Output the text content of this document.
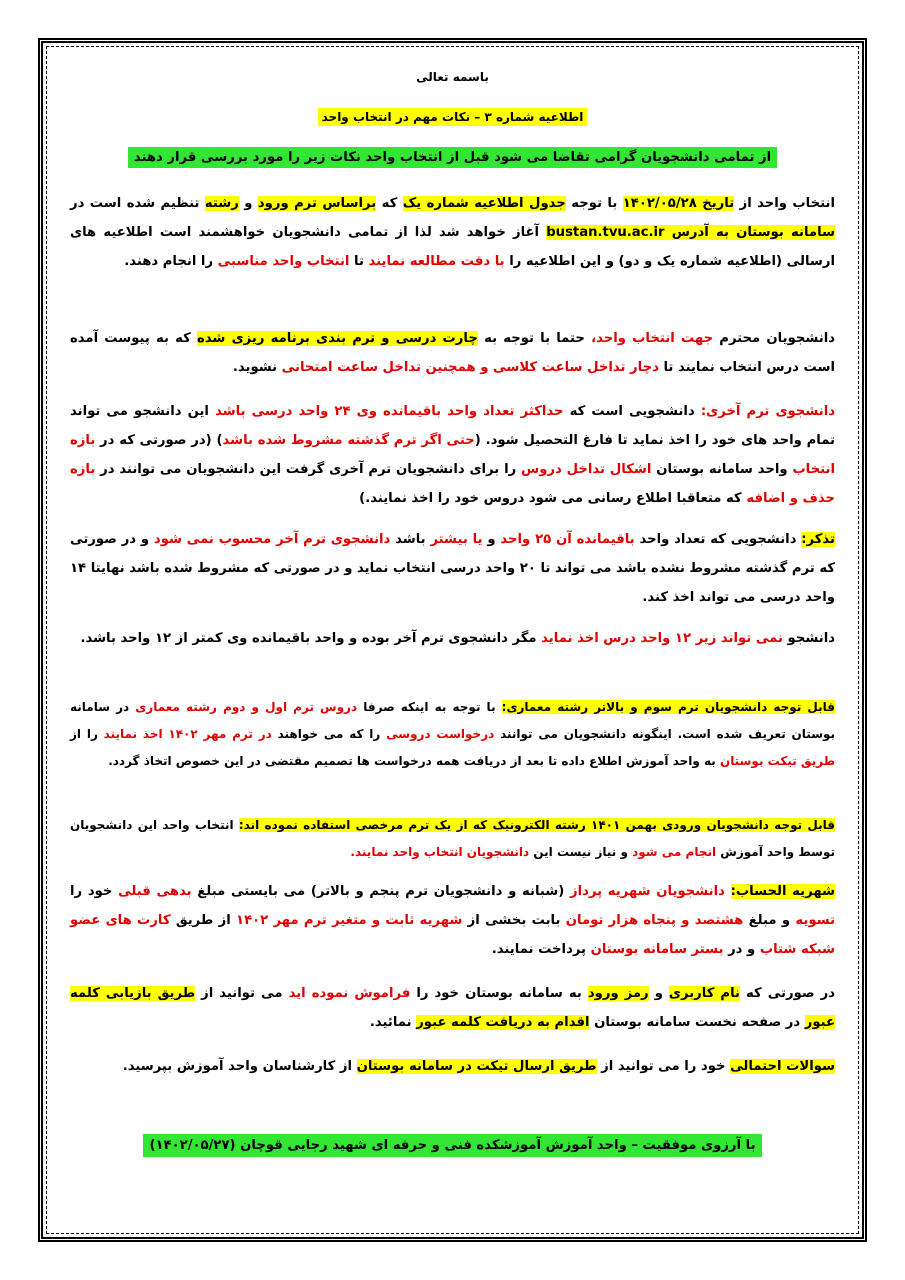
باسمه تعالی
اطلاعیه شماره ۳ – نکات مهم در انتخاب واحد
از تمامی دانشجویان گرامی تقاضا می شود قبل از انتخاب واحد نکات زیر را مورد بررسی قرار دهند

انتخاب واحد از تاریخ ۱۴۰۲/۰۵/۲۸ با توجه جدول اطلاعیه شماره یک که براساس ترم ورود و رشته تنظیم شده است در سامانه بوستان به آدرس bustan.tvu.ac.ir آغاز خواهد شد لذا از تمامی دانشجویان خواهشمند است اطلاعیه های ارسالی (اطلاعیه شماره یک و دو) و این اطلاعیه را با دقت مطالعه نمایند تا انتخاب واحد مناسبی را انجام دهند.

دانشجویان محترم جهت انتخاب واحد، حتما با توجه به چارت درسی و ترم بندی برنامه ریزی شده که به پیوست آمده است درس انتخاب نمایند تا دچار تداخل ساعت کلاسی و همچنین تداخل ساعت امتحانی نشوید.

دانشجوی ترم آخری: دانشجویی است که حداکثر تعداد واحد باقیمانده وی ۲۴ واحد درسی باشد این دانشجو می تواند تمام واحد های خود را اخذ نماید تا فارغ التحصیل شود. (حتی اگر ترم گذشته مشروط شده باشد) (در صورتی که در بازه انتخاب واحد سامانه بوستان اشکال تداخل دروس را برای دانشجویان ترم آخری گرفت این دانشجویان می توانند در بازه حذف و اضافه که متعاقبا اطلاع رسانی می شود دروس خود را اخذ نمایند.)

تذکر: دانشجویی که تعداد واحد باقیمانده آن ۲۵ واحد و یا بیشتر باشد دانشجوی ترم آخر محسوب نمی شود و در صورتی که ترم گذشته مشروط نشده باشد می تواند تا ۲۰ واحد درسی انتخاب نماید و در صورتی که مشروط شده باشد نهایتا ۱۴ واحد درسی می تواند اخذ کند.

دانشجو نمی تواند زیر ۱۲ واحد درس اخذ نماید مگر دانشجوی ترم آخر بوده و واحد باقیمانده وی کمتر از ۱۲ واحد باشد.

قابل توجه دانشجویان ترم سوم و بالاتر رشته معماری: با توجه به اینکه صرفا دروس ترم اول و دوم رشته معماری در سامانه بوستان تعریف شده است. اینگونه دانشجویان می توانند درخواست دروسی را که می خواهند در ترم مهر ۱۴۰۲ اخذ نمایند را از طریق تیکت بوستان به واحد آموزش اطلاع داده تا بعد از دریافت همه درخواست ها تصمیم مقتضی در این خصوص اتخاذ گردد.

قابل توجه دانشجویان ورودی بهمن ۱۴۰۱ رشته الکترونیک که از یک ترم مرخصی استفاده نموده اند: انتخاب واحد این دانشجویان توسط واحد آموزش انجام می شود و نیاز نیست این دانشجویان انتخاب واحد نمایند.

شهریه الحساب: دانشجویان شهریه پرداز (شبانه و دانشجویان ترم پنجم و بالاتر) می بایستی مبلغ بدهی قبلی خود را تسویه و مبلغ هشتصد و پنجاه هزار تومان بابت بخشی از شهریه ثابت و متغیر ترم مهر ۱۴۰۲ از طریق کارت های عضو شبکه شتاب و در بستر سامانه بوستان پرداخت نمایند.

در صورتی که نام کاربری و رمز ورود به سامانه بوستان خود را فراموش نموده اید می توانید از طریق بازیابی کلمه عبور در صفحه نخست سامانه بوستان اقدام به دریافت کلمه عبور نمائید.

سوالات احتمالی خود را می توانید از طریق ارسال تیکت در سامانه بوستان از کارشناسان واحد آموزش بپرسید.

با آرزوی موفقیت – واحد آموزش آموزشکده فنی و حرفه ای شهید رجایی قوچان (۱۴۰۲/۰۵/۲۷)
